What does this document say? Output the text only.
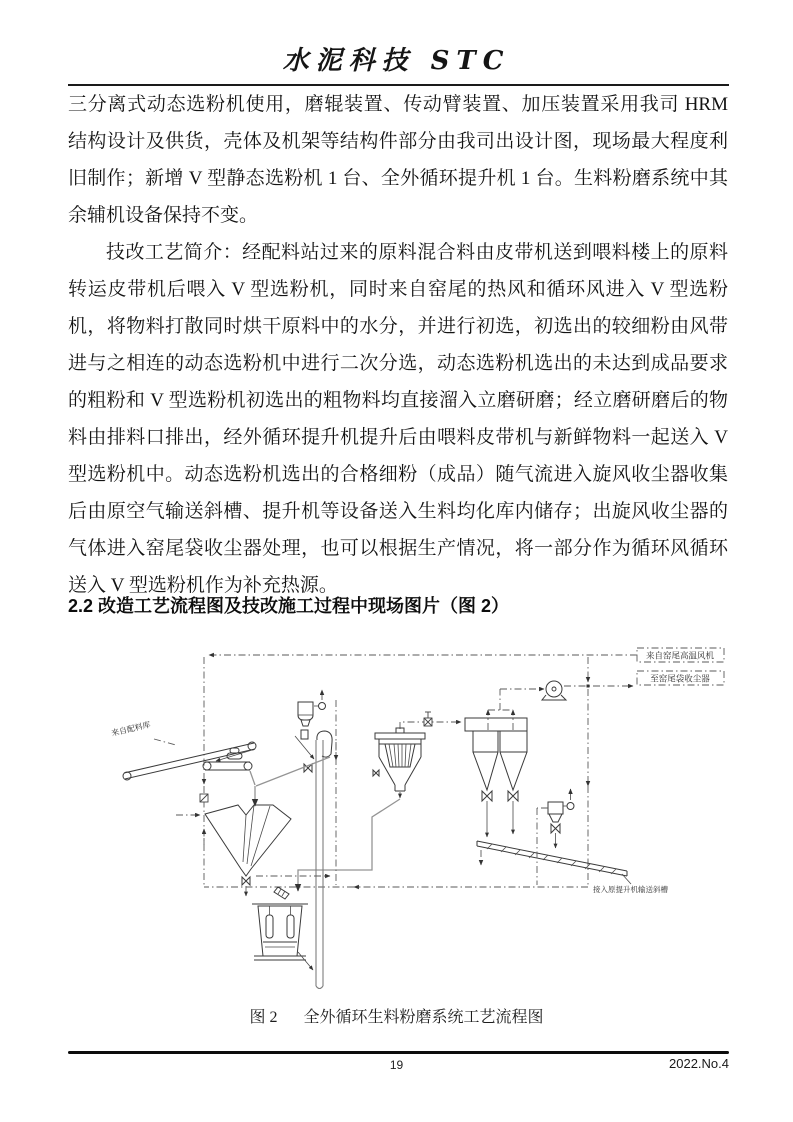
水泥科技 STC

三分离式动态选粉机使用，磨辊装置、传动臂装置、加压装置采用我司 HRM 结构设计及供货，壳体及机架等结构件部分由我司出设计图，现场最大程度利旧制作；新增 V 型静态选粉机 1 台、全外循环提升机 1 台。生料粉磨系统中其余辅机设备保持不变。

技改工艺简介：经配料站过来的原料混合料由皮带机送到喂料楼上的原料转运皮带机后喂入 V 型选粉机，同时来自窑尾的热风和循环风进入 V 型选粉机，将物料打散同时烘干原料中的水分，并进行初选，初选出的较细粉由风带进与之相连的动态选粉机中进行二次分选，动态选粉机选出的未达到成品要求的粗粉和 V 型选粉机初选出的粗物料均直接溜入立磨研磨；经立磨研磨后的物料由排料口排出，经外循环提升机提升后由喂料皮带机与新鲜物料一起送入 V 型选粉机中。动态选粉机选出的合格细粉（成品）随气流进入旋风收尘器收集后由原空气输送斜槽、提升机等设备送入生料均化库内储存；出旋风收尘器的气体进入窑尾袋收尘器处理，也可以根据生产情况，将一部分作为循环风循环送入 V 型选粉机作为补充热源。

2.2 改造工艺流程图及技改施工过程中现场图片（图 2）
来自窑尾高温风机
至窑尾袋收尘器
接入原提升机输送斜槽
来自配料库
图 2 全外循环生料粉磨系统工艺流程图
19	2022.No.4
